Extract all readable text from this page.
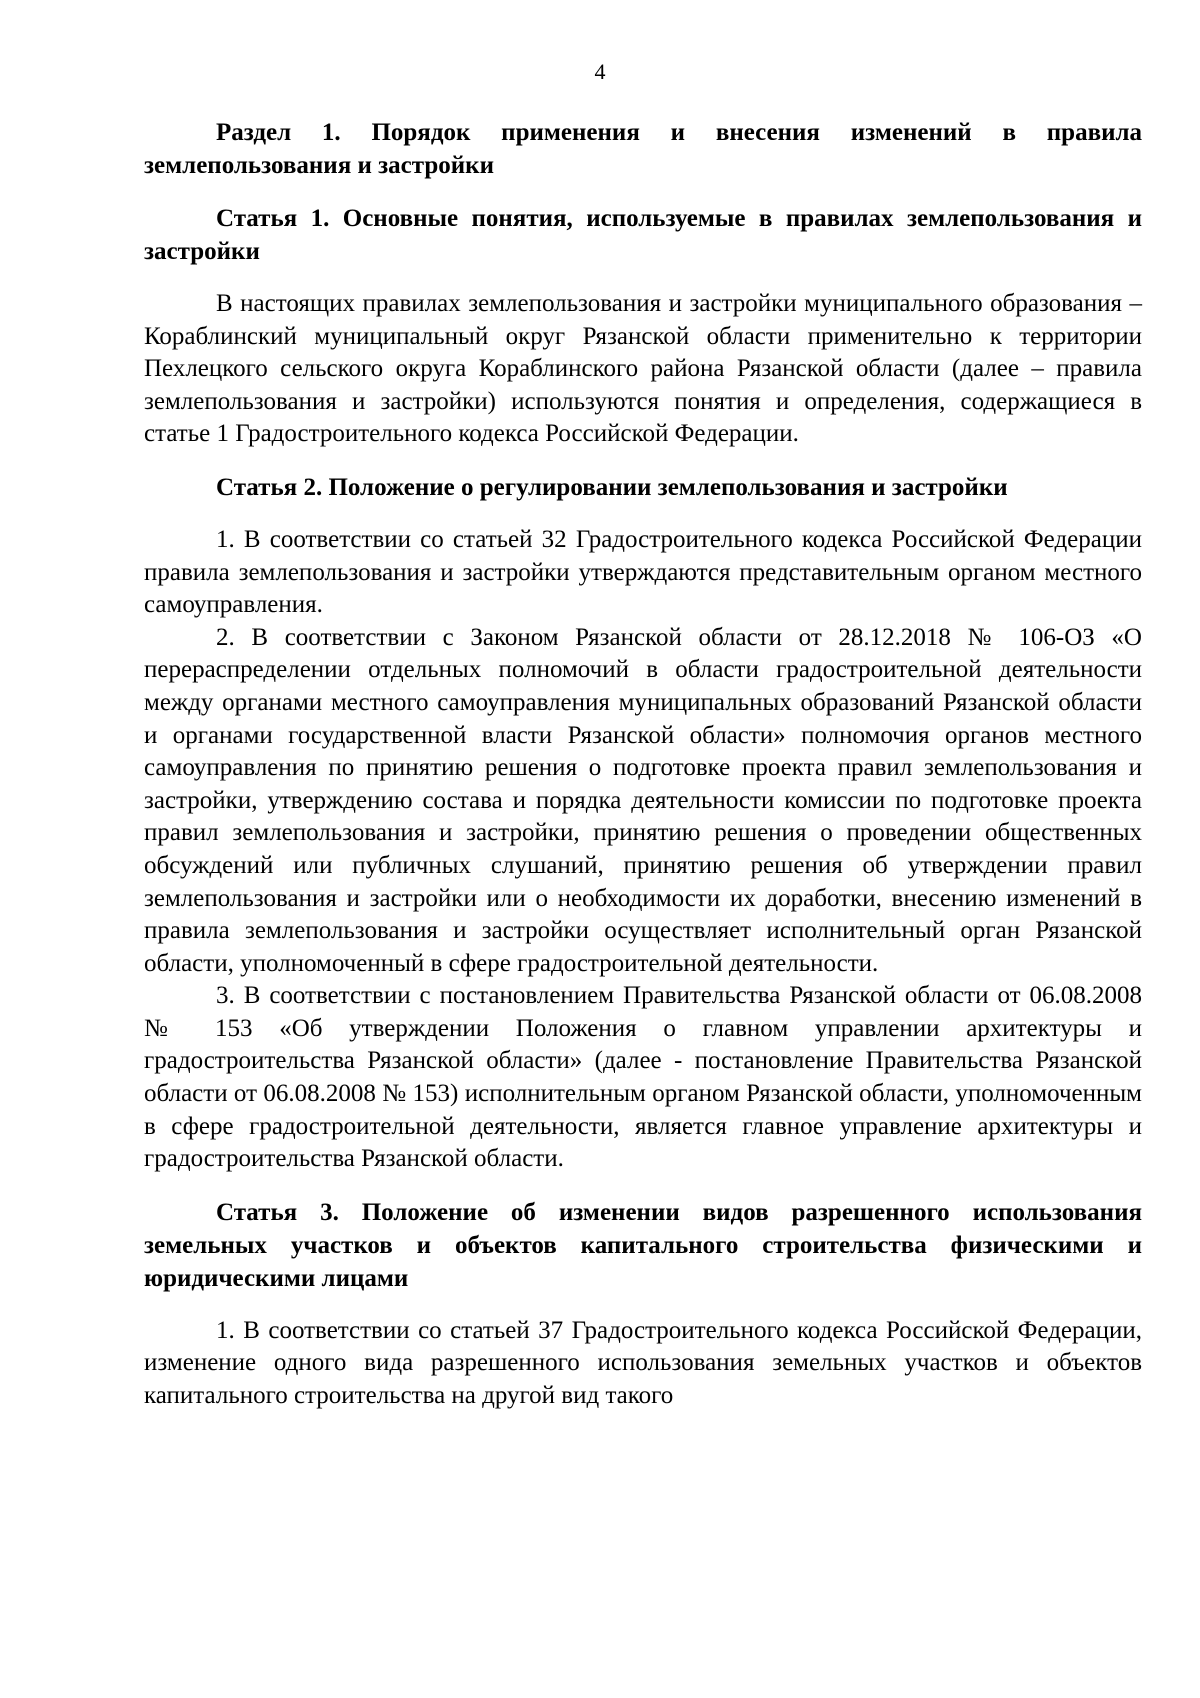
4

Раздел 1. Порядок применения и внесения изменений в правила землепользования и застройки

Статья 1. Основные понятия, используемые в правилах землепользования и застройки

В настоящих правилах землепользования и застройки муниципального образования – Кораблинский муниципальный округ Рязанской области применительно к территории Пехлецкого сельского округа Кораблинского района Рязанской области (далее – правила землепользования и застройки) используются понятия и определения, содержащиеся в статье 1 Градостроительного кодекса Российской Федерации.

Статья 2. Положение о регулировании землепользования и застройки

1. В соответствии со статьей 32 Градостроительного кодекса Российской Федерации правила землепользования и застройки утверждаются представительным органом местного самоуправления.

2. В соответствии с Законом Рязанской области от 28.12.2018 № 106-ОЗ «О перераспределении отдельных полномочий в области градостроительной деятельности между органами местного самоуправления муниципальных образований Рязанской области и органами государственной власти Рязанской области» полномочия органов местного самоуправления по принятию решения о подготовке проекта правил землепользования и застройки, утверждению состава и порядка деятельности комиссии по подготовке проекта правил землепользования и застройки, принятию решения о проведении общественных обсуждений или публичных слушаний, принятию решения об утверждении правил землепользования и застройки или о необходимости их доработки, внесению изменений в правила землепользования и застройки осуществляет исполнительный орган Рязанской области, уполномоченный в сфере градостроительной деятельности.

3. В соответствии с постановлением Правительства Рязанской области от 06.08.2008 № 153 «Об утверждении Положения о главном управлении архитектуры и градостроительства Рязанской области» (далее - постановление Правительства Рязанской области от 06.08.2008 № 153) исполнительным органом Рязанской области, уполномоченным в сфере градостроительной деятельности, является главное управление архитектуры и градостроительства Рязанской области.

Статья 3. Положение об изменении видов разрешенного использования земельных участков и объектов капитального строительства физическими и юридическими лицами

1. В соответствии со статьей 37 Градостроительного кодекса Российской Федерации, изменение одного вида разрешенного использования земельных участков и объектов капитального строительства на другой вид такого
